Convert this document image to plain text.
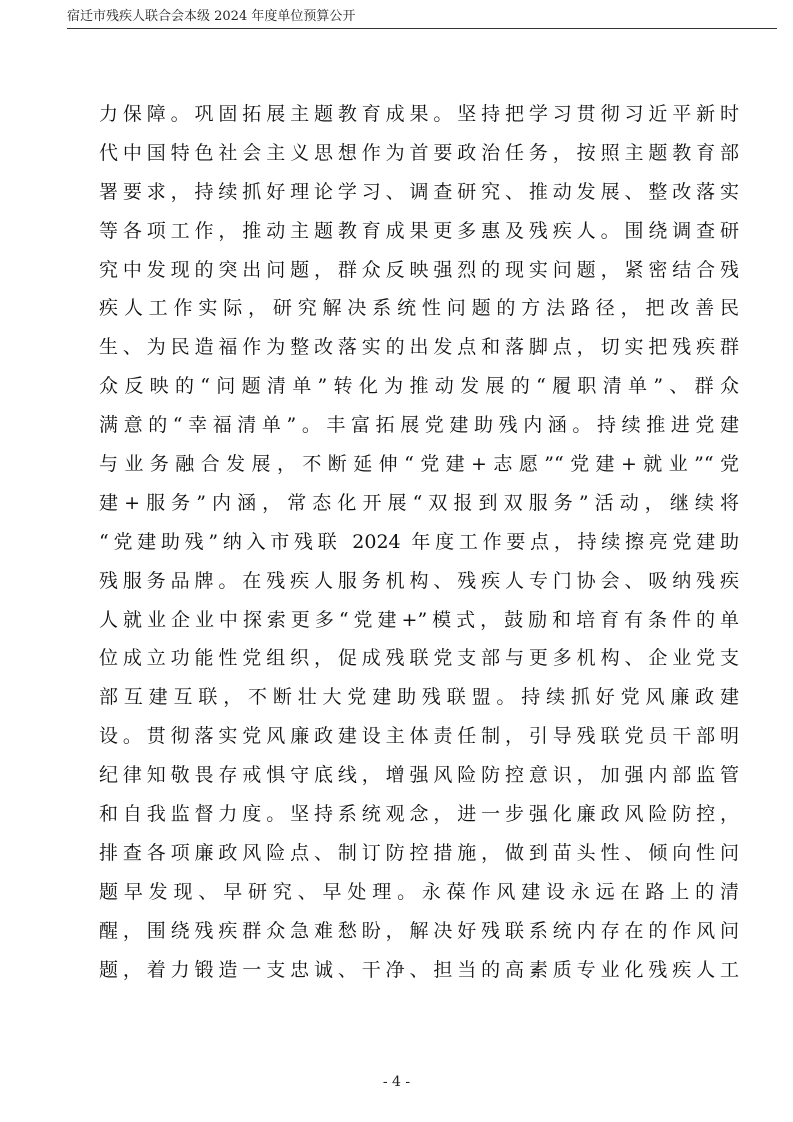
宿迁市残疾人联合会本级 2024 年度单位预算公开
力保障。巩固拓展主题教育成果。坚持把学习贯彻习近平新时
代中国特色社会主义思想作为首要政治任务，按照主题教育部
署要求，持续抓好理论学习、调查研究、推动发展、整改落实
等各项工作，推动主题教育成果更多惠及残疾人。围绕调查研
究中发现的突出问题，群众反映强烈的现实问题，紧密结合残
疾人工作实际，研究解决系统性问题的方法路径，把改善民
生、为民造福作为整改落实的出发点和落脚点，切实把残疾群
众反映的“问题清单”转化为推动发展的“履职清单”、群众
满意的“幸福清单”。丰富拓展党建助残内涵。持续推进党建
与业务融合发展，不断延伸“党建+志愿”“党建+就业”“党
建+服务”内涵，常态化开展“双报到双服务”活动，继续将
“党建助残”纳入市残联 2024 年度工作要点，持续擦亮党建助
残服务品牌。在残疾人服务机构、残疾人专门协会、吸纳残疾
人就业企业中探索更多“党建+”模式，鼓励和培育有条件的单
位成立功能性党组织，促成残联党支部与更多机构、企业党支
部互建互联，不断壮大党建助残联盟。持续抓好党风廉政建
设。贯彻落实党风廉政建设主体责任制，引导残联党员干部明
纪律知敬畏存戒惧守底线，增强风险防控意识，加强内部监管
和自我监督力度。坚持系统观念，进一步强化廉政风险防控，
排查各项廉政风险点、制订防控措施，做到苗头性、倾向性问
题早发现、早研究、早处理。永葆作风建设永远在路上的清
醒，围绕残疾群众急难愁盼，解决好残联系统内存在的作风问
题，着力锻造一支忠诚、干净、担当的高素质专业化残疾人工
- 4 -
